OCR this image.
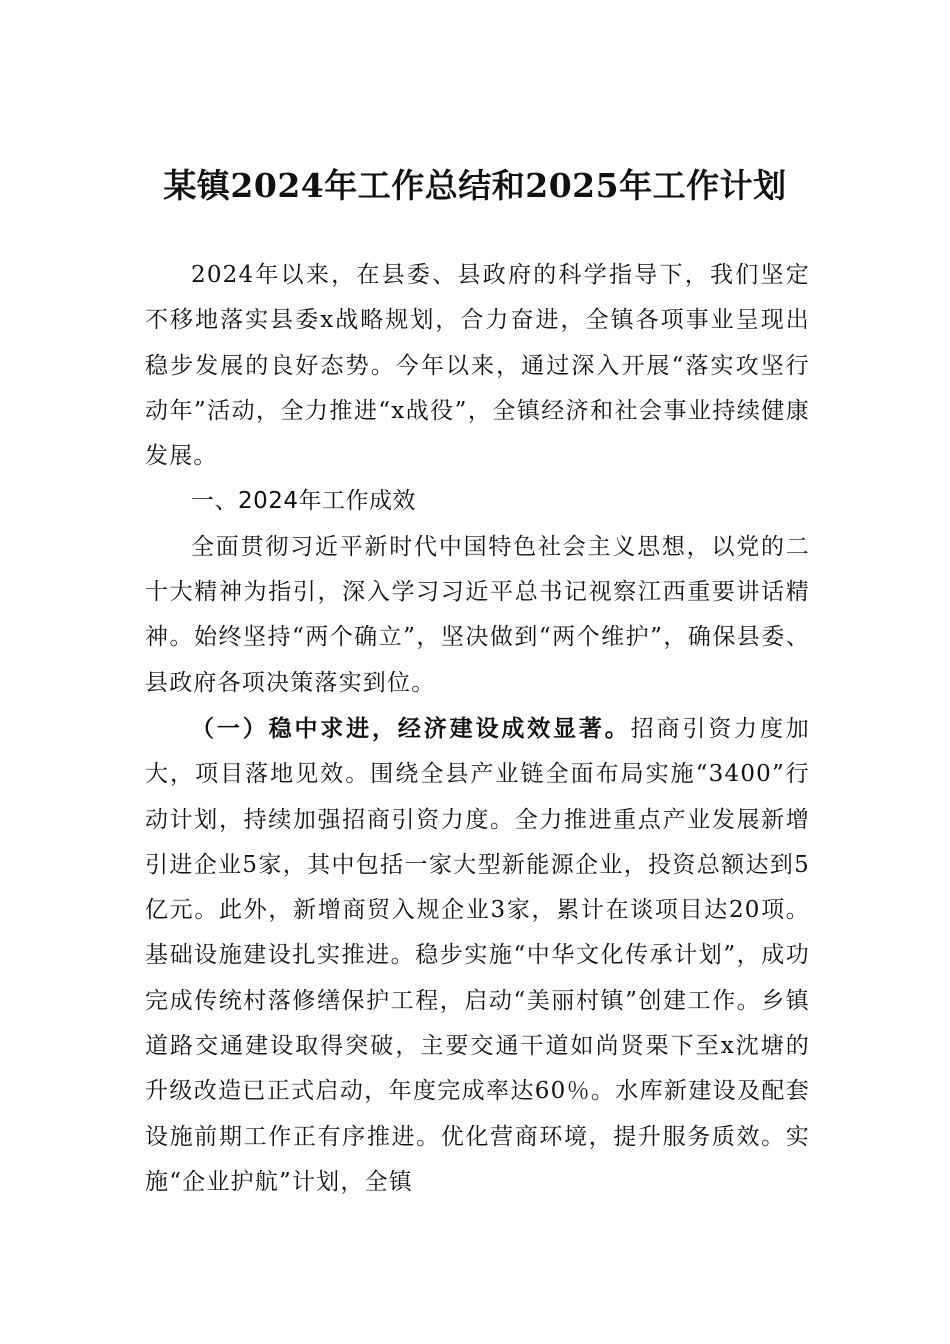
某镇2024年工作总结和2025年工作计划

2024年以来，在县委、县政府的科学指导下，我们坚定不移地落实县委x战略规划，合力奋进，全镇各项事业呈现出稳步发展的良好态势。今年以来，通过深入开展“落实攻坚行动年”活动，全力推进“x战役”，全镇经济和社会事业持续健康发展。

一、2024年工作成效

全面贯彻习近平新时代中国特色社会主义思想，以党的二十大精神为指引，深入学习习近平总书记视察江西重要讲话精神。始终坚持“两个确立”，坚决做到“两个维护”，确保县委、县政府各项决策落实到位。

（一）稳中求进，经济建设成效显著。招商引资力度加大，项目落地见效。围绕全县产业链全面布局实施“3400”行动计划，持续加强招商引资力度。全力推进重点产业发展新增引进企业5家，其中包括一家大型新能源企业，投资总额达到5亿元。此外，新增商贸入规企业3家，累计在谈项目达20项。基础设施建设扎实推进。稳步实施“中华文化传承计划”，成功完成传统村落修缮保护工程，启动“美丽村镇”创建工作。乡镇道路交通建设取得突破，主要交通干道如尚贤栗下至x沈塘的升级改造已正式启动，年度完成率达60％。水库新建设及配套设施前期工作正有序推进。优化营商环境，提升服务质效。实施“企业护航”计划，全镇
